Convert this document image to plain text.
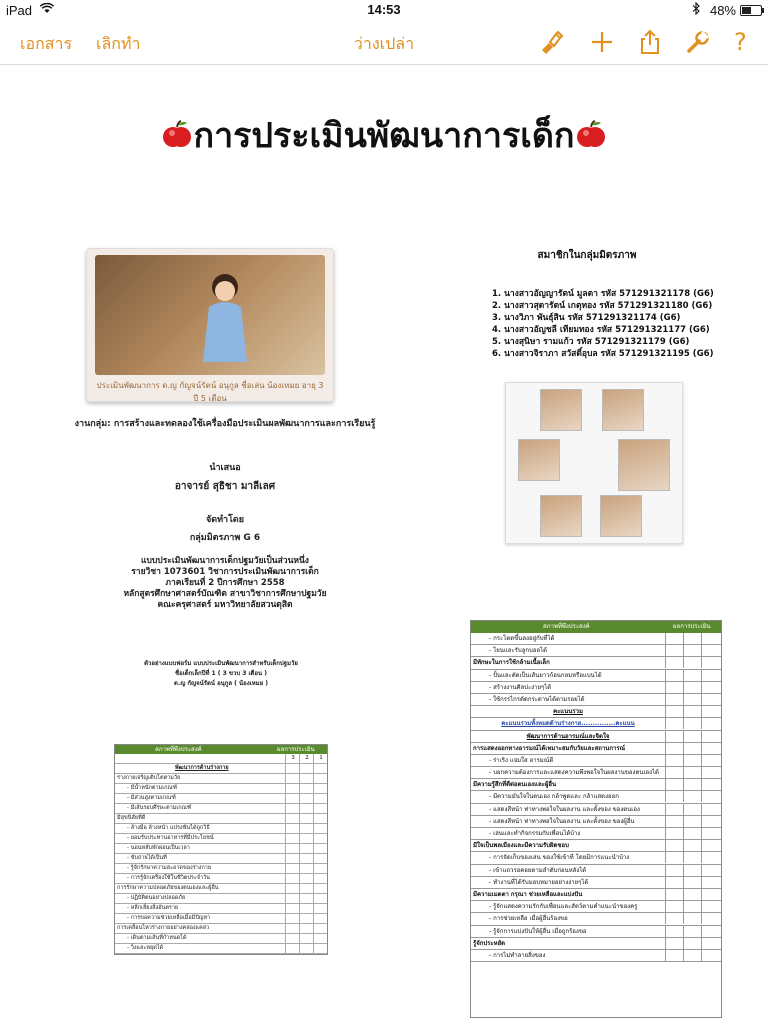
iPad	14:53	48%
เอกสาร เลิกทำ	ว่างเปล่า	?
การประเมินพัฒนาการเด็ก
ประเมินพัฒนาการ ด.ญ กัญจน์รัตน์ อนุกูล ชื่อเล่น น้องเหมย อายุ 3 ปี 5 เดือน
งานกลุ่ม: การสร้างและทดลองใช้เครื่องมือประเมินผลพัฒนาการและการเรียนรู้
นำเสนอ
อาจารย์ สุธิชา มาลีเลศ
จัดทำโดย
กลุ่มมิตรภาพ G 6
แบบประเมินพัฒนาการเด็กปฐมวัยเป็นส่วนหนึ่ง
รายวิชา 1073601 วิชาการประเมินพัฒนาการเด็ก
ภาคเรียนที่ 2 ปีการศึกษา 2558
หลักสูตรศึกษาศาสตร์บัณฑิต สาขาวิชาการศึกษาปฐมวัย
คณะครุศาสตร์ มหาวิทยาลัยสวนดุสิต
สมาชิกในกลุ่มมิตรภาพ
1. นางสาวอัญญารัตน์ มูลตา รหัส 571291321178 (G6)
2. นางสาวสุดารัตน์ เกตุทอง รหัส 571291321180 (G6)
3. นางวิภา พันธุ์สิน รหัส 571291321174 (G6)
4. นางสาวอัญชลี เทียมทอง รหัส 571291321177 (G6)
5. นางสุนิษา รามแก้ว รหัส 571291321179 (G6)
6. นางสาวจิราภา สวัสดิ์อุบล รหัส 571291321195 (G6)
ตัวอย่างแบบฟอร์ม แบบประเมินพัฒนาการสำหรับเด็กปฐมวัย
ชื่อเด็กเล็กปีที่ 1 ( 3 ขวบ 3 เดือน )
ด.ญ กัญจน์รัตน์ อนุกูล ( น้องเหมย )
สภาพที่พึงประสงค์	ผลการประเมิน
3	2	1
พัฒนาการด้านร่างกาย
ร่างกายเจริญเติบโตตามวัย
- มีน้ำหนักตามเกณฑ์
- มีส่วนสูงตามเกณฑ์
- มีเส้นรอบศีรษะตามเกณฑ์
มีสุขนิสัยที่ดี
- ล้างมือ ล้างหน้า แปรงฟันได้ถูกวิธี
- ยอมรับประทานอาหารที่มีประโยชน์
- นอนหลับพักผ่อนเป็นเวลา
- ขับถ่ายได้เป็นที่
- รู้จักรักษาความสะอาดของร่างกาย
- การรู้จักเครื่องใช้ในชีวิตประจำวัน
การรักษาความปลอดภัยของตนเองและผู้อื่น
- ปฏิบัติตนอย่างปลอดภัย
- หลีกเลี่ยงสิ่งอันตราย
- การขอความช่วยเหลือเมื่อมีปัญหา
การเคลื่อนไหวร่างกายอย่างคล่องแคล่ว
- เดินตามเส้นที่กำหนดได้
- วิ่งและหยุดได้
สภาพที่พึงประสงค์	ผลการประเมิน
- กระโดดขึ้นลงอยู่กับที่ได้
- โยนและรับลูกบอลได้
มีทักษะในการใช้กล้ามเนื้อเล็ก
- ปั้นและตัดเป็นเส้นยาวก้อนกลมหรือแบนได้
- สร้างงานศิลปะง่ายๆได้
- ใช้กรรไกรตัดกระดาษได้ตามรอยได้
คะแนนรวม
คะแนนรวมทั้งหมดด้านร่างกาย...............คะแนน
พัฒนาการด้านอารมณ์และจิตใจ
การแสดงออกทางอารมณ์ได้เหมาะสมกับวัยและสถานการณ์
- ร่าเริง แจ่มใส อารมณ์ดี
- บอกความต้องการและแสดงความพึงพอใจในผลงานของตนเองได้
มีความรู้สึกที่ดีต่อตนเองและผู้อื่น
- มีความมั่นใจในตนเอง กล้าพูดและ กล้าแสดงออก
- แสดงสีหน้า ท่าทางพอใจในผลงาน และตั้งของ ของตนเอง
- แสดงสีหน้า ท่าทางพอใจในผลงาน และตั้งของ ของผู้อื่น
- เล่นและทำกิจกรรมกับเพื่อนได้บ้าง
มีใจเป็นพลเมืองและมีความรับผิดชอบ
- การจัดเก็บของเล่น ของใช้เข้าที่ โดยมีการแนะนำบ้าง
- เข้าแถวรอคอยตามลำดับก่อนหลังได้
- ทำงานที่ได้รับมอบหมายอย่างง่ายๆได้
มีความเมตตา กรุณา ช่วยเหลือและแบ่งปัน
- รู้จักแสดงความรักกับเพื่อนและสัตว์ตามคำแนะนำของครู
- การช่วยเหลือ เมื่อผู้อื่นร้องขอ
- รู้จักการแบ่งปันให้ผู้อื่น เมื่อถูกร้องขอ
รู้จักประหยัด
- การไม่ทำลายสิ่งของ
